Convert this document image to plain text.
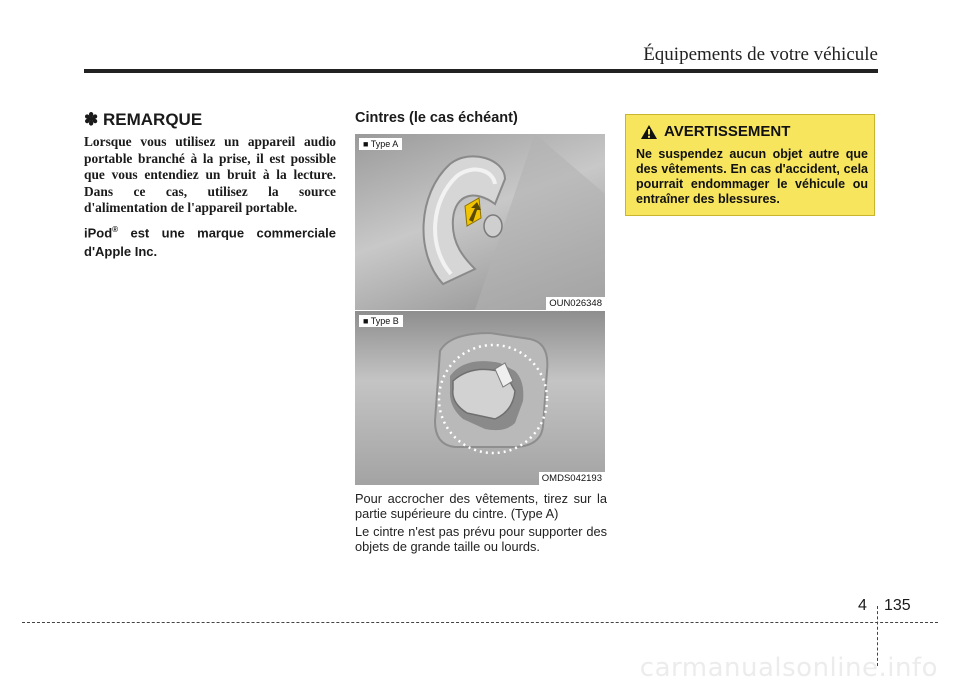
Équipements de votre véhicule
✽ REMARQUE
Lorsque vous utilisez un appareil audio portable branché à la prise, il est possible que vous entendiez un bruit à la lecture. Dans ce cas, utilisez la source d'alimentation de l'appareil portable.
iPod® est une marque commerciale d'Apple Inc.
Cintres (le cas échéant)
■ Type A
OUN026348
■ Type B
OMDS042193
Pour accrocher des vêtements, tirez sur la partie supérieure du cintre. (Type A)
Le cintre n'est pas prévu pour supporter des objets de grande taille ou lourds.
AVERTISSEMENT
Ne suspendez aucun objet autre que des vêtements. En cas d'accident, cela pourrait endommager le véhicule ou entraîner des blessures.
4 135
carmanualsonline.info
